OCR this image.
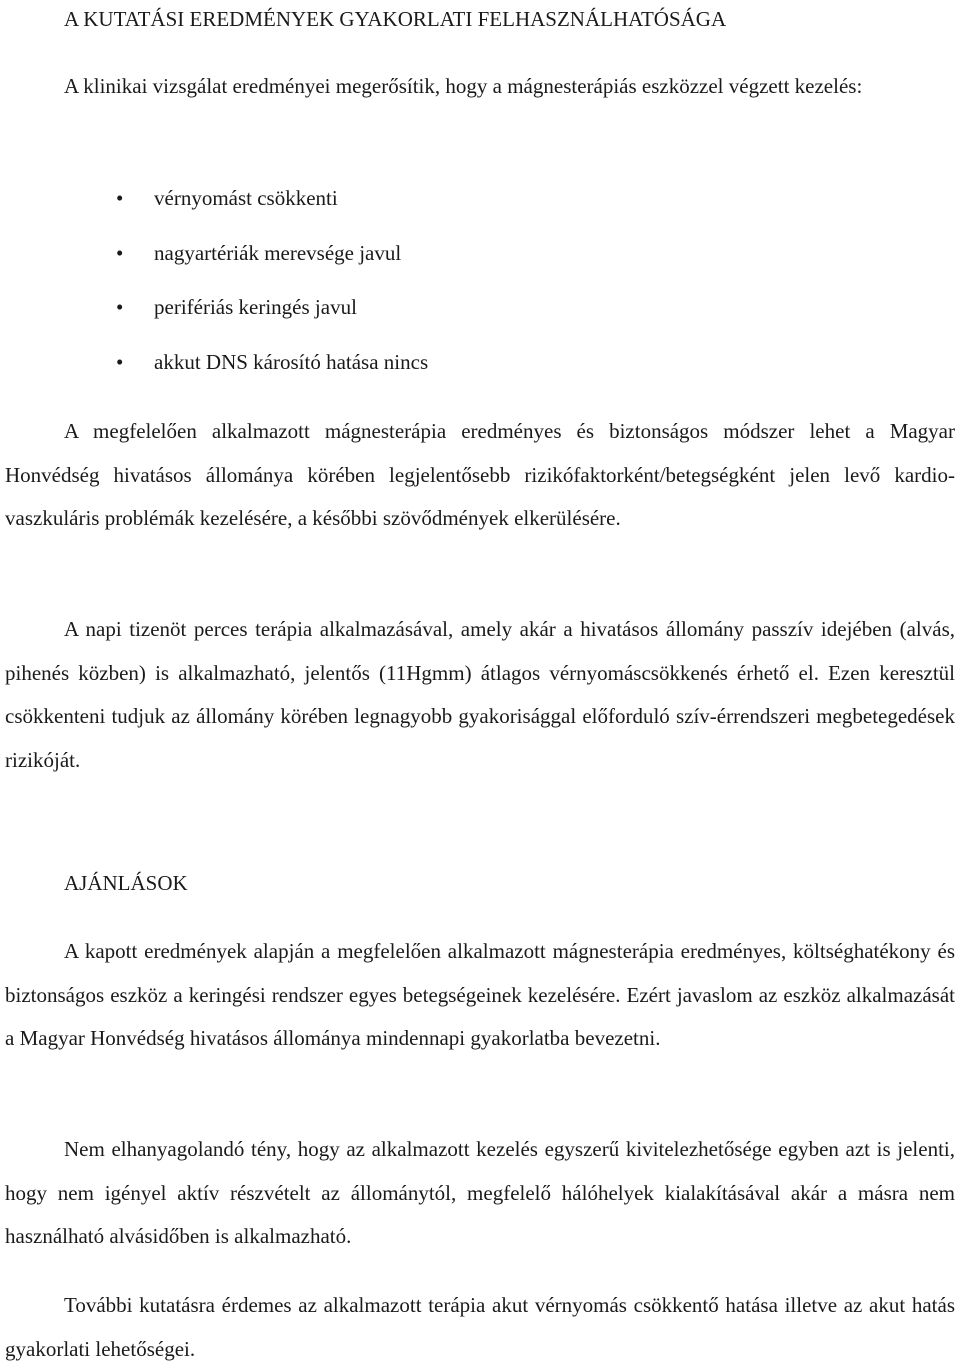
A KUTATÁSI EREDMÉNYEK GYAKORLATI FELHASZNÁLHATÓSÁGA

A klinikai vizsgálat eredményei megerősítik, hogy a mágnesterápiás eszközzel végzett kezelés:

•	vérnyomást csökkenti
•	nagyartériák merevsége javul
•	perifériás keringés javul
•	akkut DNS károsító hatása nincs

A megfelelően alkalmazott mágnesterápia eredményes és biztonságos módszer lehet a Magyar Honvédség hivatásos állománya körében legjelentősebb rizikófaktorként/betegségként jelen levő kardio-vaszkuláris problémák kezelésére, a későbbi szövődmények elkerülésére.

A napi tizenöt perces terápia alkalmazásával, amely akár a hivatásos állomány passzív idejében (alvás, pihenés közben) is alkalmazható, jelentős (11Hgmm) átlagos vérnyomáscsökkenés érhető el. Ezen keresztül csökkenteni tudjuk az állomány körében legnagyobb gyakorisággal előforduló szív-érrendszeri megbetegedések rizikóját.

AJÁNLÁSOK

A kapott eredmények alapján a megfelelően alkalmazott mágnesterápia eredményes, költséghatékony és biztonságos eszköz a keringési rendszer egyes betegségeinek kezelésére. Ezért javaslom az eszköz alkalmazását a Magyar Honvédség hivatásos állománya mindennapi gyakorlatba bevezetni.

Nem elhanyagolandó tény, hogy az alkalmazott kezelés egyszerű kivitelezhetősége egyben azt is jelenti, hogy nem igényel aktív részvételt az állománytól, megfelelő hálóhelyek kialakításával akár a másra nem használható alvásidőben is alkalmazható.

További kutatásra érdemes az alkalmazott terápia akut vérnyomás csökkentő hatása illetve az akut hatás gyakorlati lehetőségei.
